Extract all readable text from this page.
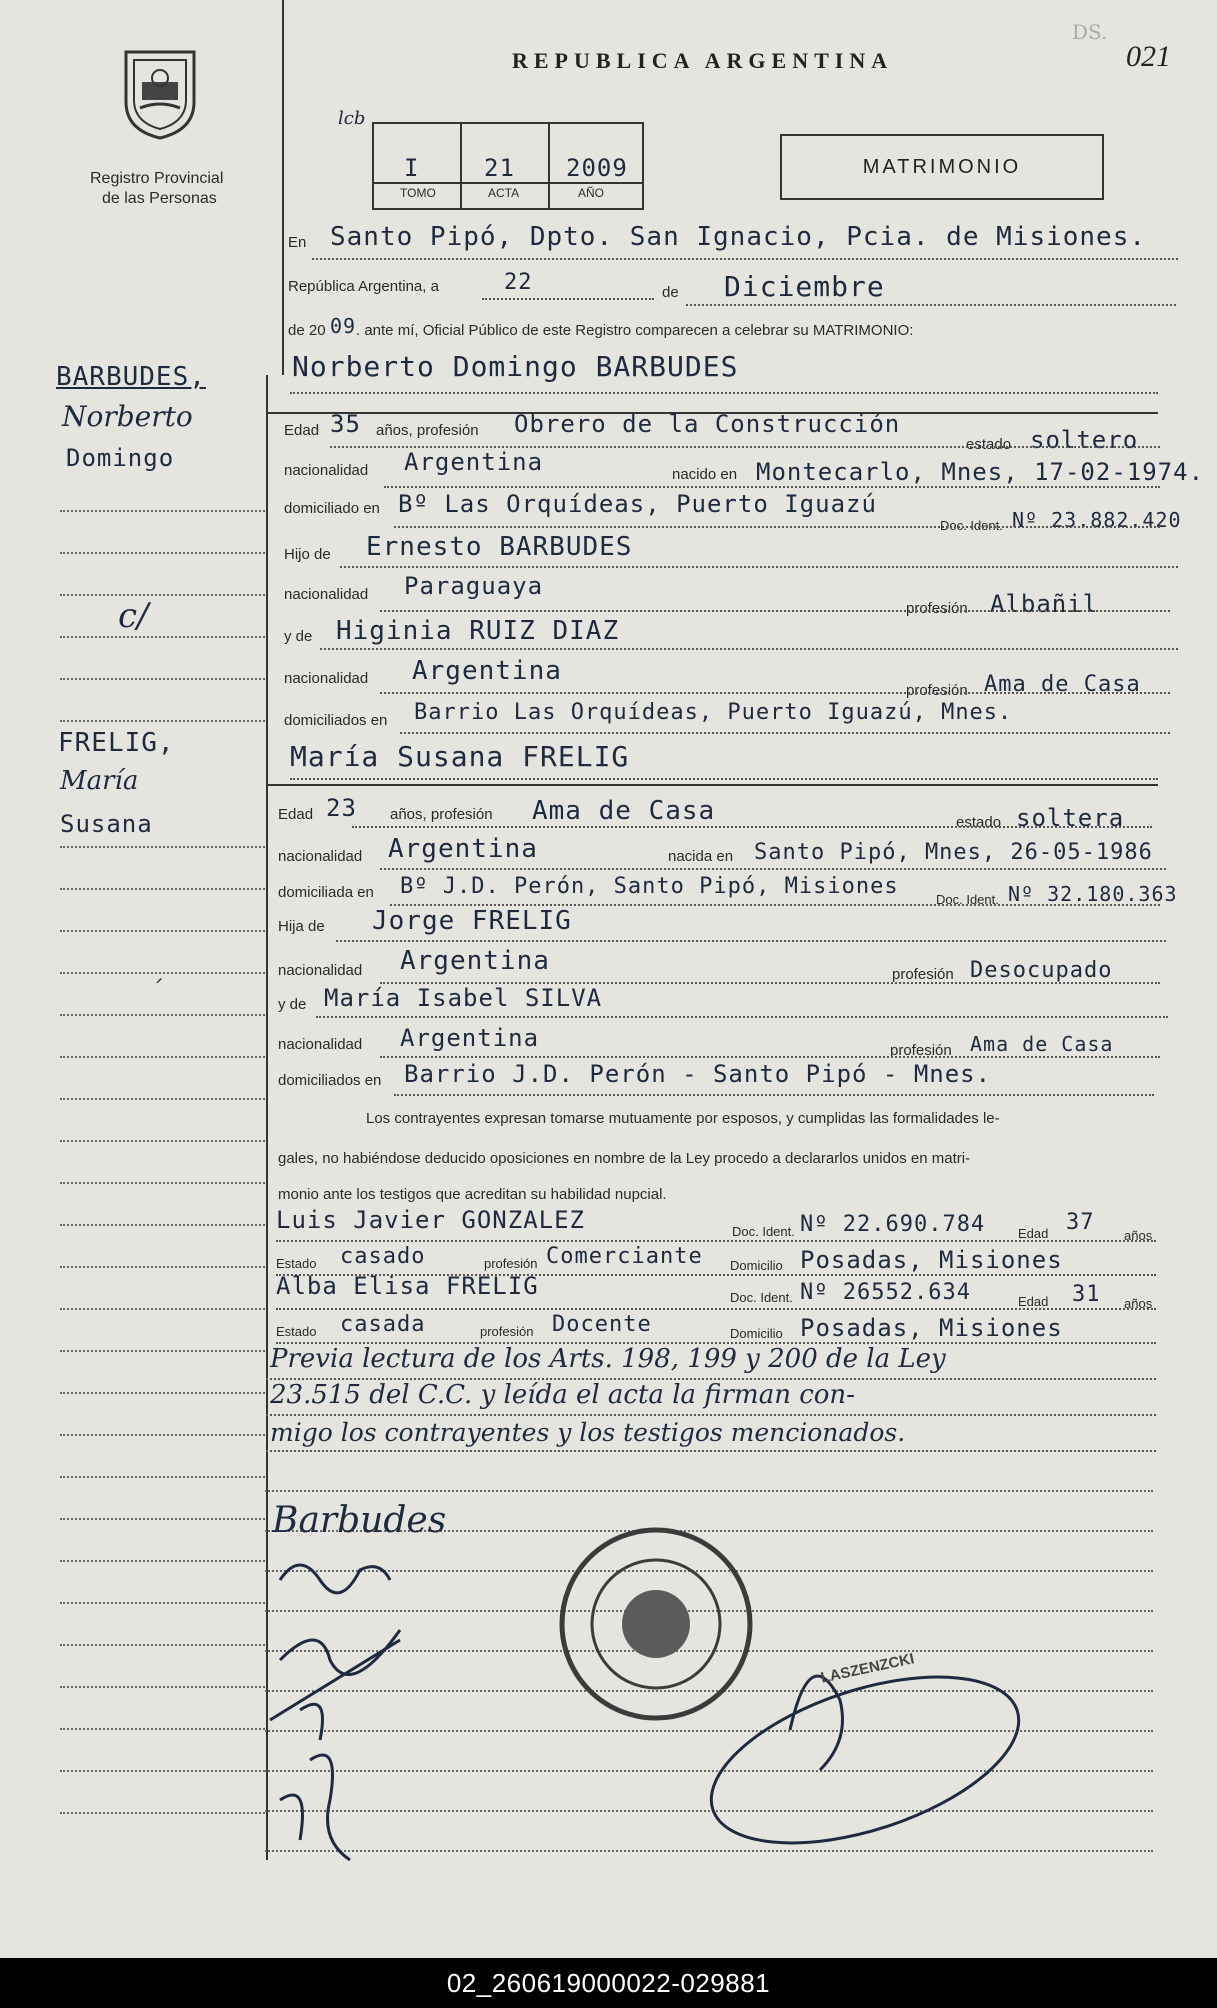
Registro Provincial
de las Personas
REPUBLICA ARGENTINA	021
DS.
lcb
I	21 2009
TOMO	ACTA	AÑO
MATRIMONIO
BARBUDES,
Norberto
Domingo
c/
FRELIG,
María
Susana
´
En Santo Pipó, Dpto. San Ignacio, Pcia. de Misiones.
República Argentina, a	22	de Diciembre
de 20 09 . ante mí, Oficial Público de este Registro comparecen a celebrar su MATRIMONIO:
Norberto Domingo BARBUDES
Edad 35 años, profesión Obrero de la Construcción
estado soltero
nacionalidad Argentina	nacido en Montecarlo, Mnes, 17-02-1974.
domiciliado en Bº Las Orquídeas, Puerto Iguazú
Doc. Ident. Nº 23.882.420
Hijo de Ernesto BARBUDES
nacionalidad Paraguaya
profesión Albañil
y de Higinia RUIZ DIAZ
nacionalidad Argentina
profesión Ama de Casa
domiciliados en Barrio Las Orquídeas, Puerto Iguazú, Mnes.
María Susana FRELIG
Edad 23 años, profesión Ama de Casa	estado soltera
nacionalidad Argentina	nacida en Santo Pipó, Mnes, 26-05-1986
domiciliada en Bº J.D. Perón, Santo Pipó, Misiones
Doc. Ident. Nº 32.180.363
Hija de Jorge FRELIG
nacionalidad Argentina	profesión Desocupado
y de María Isabel SILVA
nacionalidad Argentina	profesión Ama de Casa
domiciliados en Barrio J.D. Perón - Santo Pipó - Mnes.
Los contrayentes expresan tomarse mutuamente por esposos, y cumplidas las formalidades le-
gales, no habiéndose deducido oposiciones en nombre de la Ley procedo a declararlos unidos en matri-
monio ante los testigos que acreditan su habilidad nupcial.
Luis Javier GONZALEZ	Doc. Ident. Nº 22.690.784	Edad 37
años
Estado casado	profesión Comerciante Domicilio Posadas, Misiones
Alba Elisa FRELIG	Doc. Ident. Nº 26552.634	Edad 31 años
Estado casada	profesión Docente	Domicilio Posadas, Misiones
Previa lectura de los Arts. 198, 199 y 200 de la Ley
23.515 del C.C. y leída el acta la firman con-
migo los contrayentes y los testigos mencionados.
Barbudes
LASZENZCKI
02_260619000022-029881
